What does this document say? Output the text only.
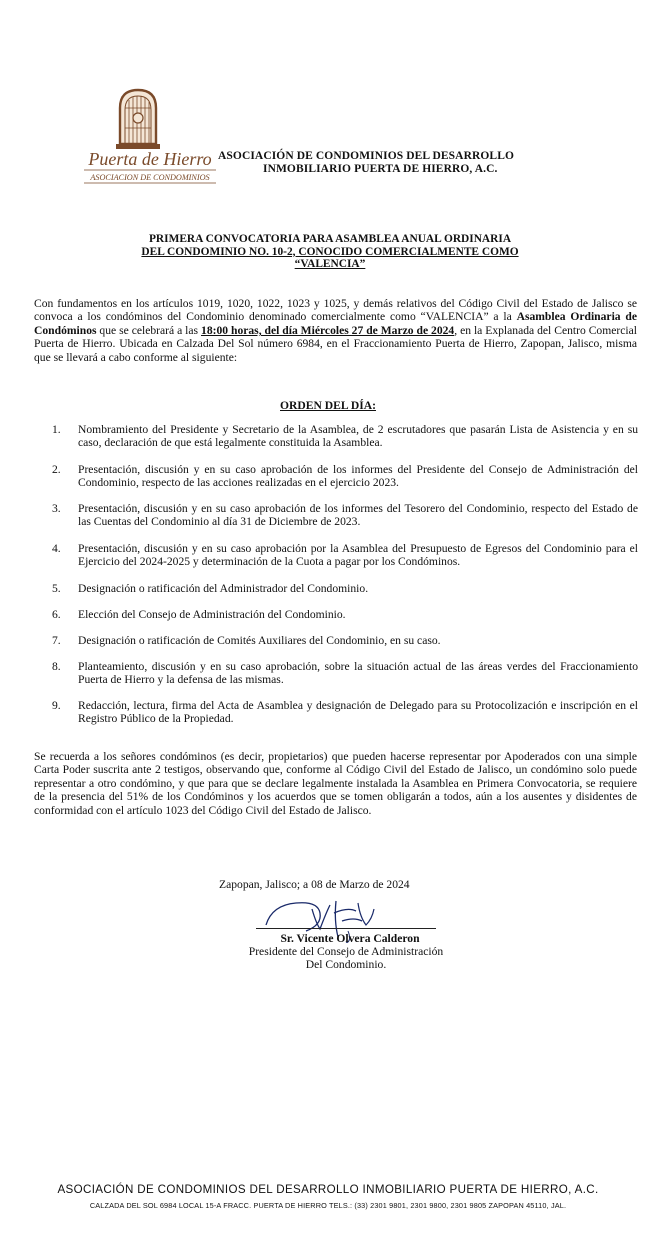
Puerta de Hierro
ASOCIACION DE CONDOMINIOS
ASOCIACIÓN DE CONDOMINIOS DEL DESARROLLO
INMOBILIARIO PUERTA DE HIERRO, A.C.
PRIMERA CONVOCATORIA PARA ASAMBLEA ANUAL ORDINARIA
DEL CONDOMINIO NO. 10-2, CONOCIDO COMERCIALMENTE COMO
“VALENCIA”
Con fundamentos en los artículos 1019, 1020, 1022, 1023 y 1025, y demás relativos del Código Civil del Estado de Jalisco se convoca a los condóminos del Condominio denominado comercialmente como “VALENCIA” a la Asamblea Ordinaria de Condóminos que se celebrará a las 18:00 horas, del día Miércoles 27 de Marzo de 2024, en la Explanada del Centro Comercial Puerta de Hierro. Ubicada en Calzada Del Sol número 6984, en el Fraccionamiento Puerta de Hierro, Zapopan, Jalisco, misma que se llevará a cabo conforme al siguiente:
ORDEN DEL DÍA:
1. Nombramiento del Presidente y Secretario de la Asamblea, de 2 escrutadores que pasarán Lista de Asistencia y en su caso, declaración de que está legalmente constituida la Asamblea.
2. Presentación, discusión y en su caso aprobación de los informes del Presidente del Consejo de Administración del Condominio, respecto de las acciones realizadas en el ejercicio 2023.
3. Presentación, discusión y en su caso aprobación de los informes del Tesorero del Condominio, respecto del Estado de las Cuentas del Condominio al día 31 de Diciembre de 2023.
4. Presentación, discusión y en su caso aprobación por la Asamblea del Presupuesto de Egresos del Condominio para el Ejercicio del 2024-2025 y determinación de la Cuota a pagar por los Condóminos.
5. Designación o ratificación del Administrador del Condominio.
6. Elección del Consejo de Administración del Condominio.
7. Designación o ratificación de Comités Auxiliares del Condominio, en su caso.
8. Planteamiento, discusión y en su caso aprobación, sobre la situación actual de las áreas verdes del Fraccionamiento Puerta de Hierro y la defensa de las mismas.
9. Redacción, lectura, firma del Acta de Asamblea y designación de Delegado para su Protocolización e inscripción en el Registro Público de la Propiedad.
Se recuerda a los señores condóminos (es decir, propietarios) que pueden hacerse representar por Apoderados con una simple Carta Poder suscrita ante 2 testigos, observando que, conforme al Código Civil del Estado de Jalisco, un condómino solo puede representar a otro condómino, y que para que se declare legalmente instalada la Asamblea en Primera Convocatoria, se requiere de la presencia del 51% de los Condóminos y los acuerdos que se tomen obligarán a todos, aún a los ausentes y disidentes de conformidad con el artículo 1023 del Código Civil del Estado de Jalisco.
Zapopan, Jalisco; a 08 de Marzo de 2024
Sr. Vicente Olvera Calderon
Presidente del Consejo de Administración
Del Condominio.
ASOCIACIÓN DE CONDOMINIOS DEL DESARROLLO INMOBILIARIO PUERTA DE HIERRO, A.C.
CALZADA DEL SOL 6984 LOCAL 15-A FRACC. PUERTA DE HIERRO TELS.: (33) 2301 9801, 2301 9800, 2301 9805 ZAPOPAN 45110, JAL.
